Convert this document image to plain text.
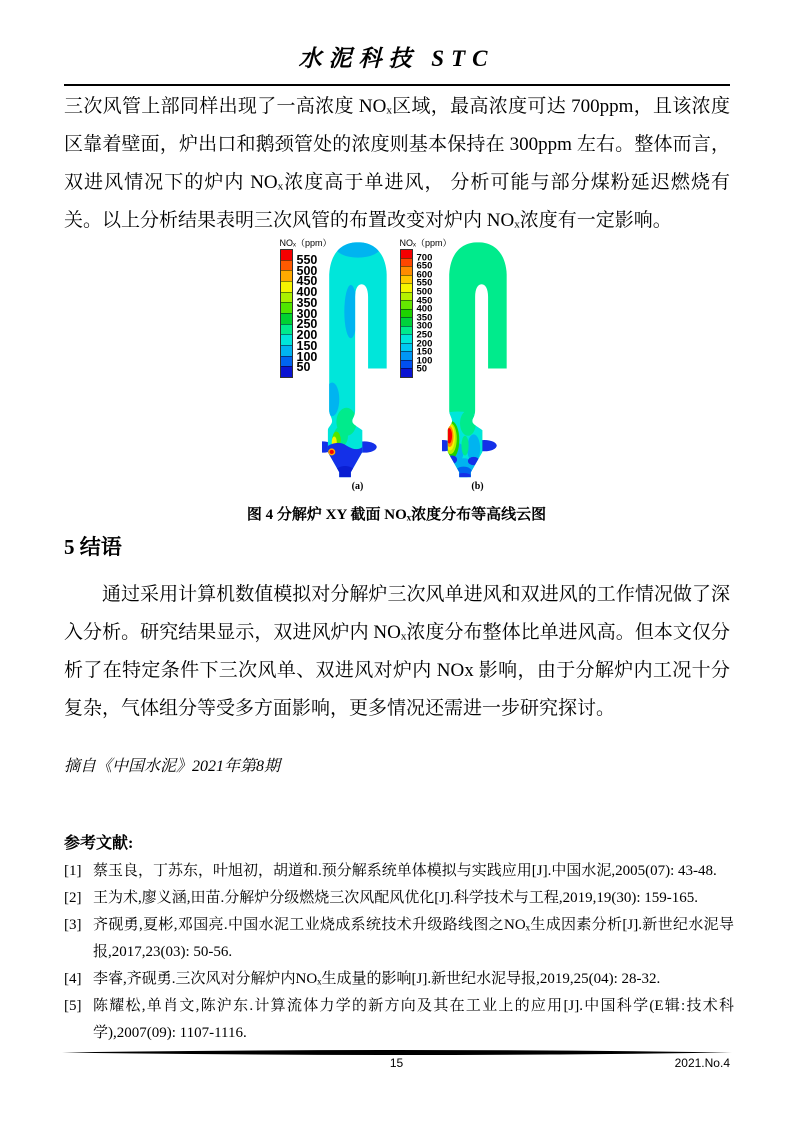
水泥科技 STC

三次风管上部同样出现了一高浓度 NOₓ区域，最高浓度可达 700ppm，且该浓度区靠着壁面，炉出口和鹅颈管处的浓度则基本保持在 300ppm 左右。整体而言，双进风情况下的炉内 NOₓ浓度高于单进风， 分析可能与部分煤粉延迟燃烧有关。以上分析结果表明三次风管的布置改变对炉内 NOₓ浓度有一定影响。

NOₓ（ppm）
550
500
450
400
350
300
250
200
150
100
50
(a)
NOₓ（ppm）
700
650
600
550
500
450
400
350
300
250
200
150
100
50
(b)
图 4 分解炉 XY 截面 NOₓ浓度分布等高线云图
5 结语

通过采用计算机数值模拟对分解炉三次风单进风和双进风的工作情况做了深入分析。研究结果显示，双进风炉内 NOₓ浓度分布整体比单进风高。但本文仅分析了在特定条件下三次风单、双进风对炉内 NOx 影响，由于分解炉内工况十分复杂，气体组分等受多方面影响，更多情况还需进一步研究探讨。

摘自《中国水泥》2021年第8期

参考文献:
[1] 蔡玉良，丁苏东，叶旭初，胡道和.预分解系统单体模拟与实践应用[J].中国水泥,2005(07): 43-48.
[2] 王为术,廖义涵,田苗.分解炉分级燃烧三次风配风优化[J].科学技术与工程,2019,19(30): 159-165.
[3] 齐砚勇,夏彬,邓国亮.中国水泥工业烧成系统技术升级路线图之NOₓ生成因素分析[J].新世纪水泥导报,2017,23(03): 50-56.
[4] 李睿,齐砚勇.三次风对分解炉内NOₓ生成量的影响[J].新世纪水泥导报,2019,25(04): 28-32.
[5] 陈耀松,单肖文,陈沪东.计算流体力学的新方向及其在工业上的应用[J].中国科学(E辑:技术科学),2007(09): 1107-1116.
15	2021.No.4
